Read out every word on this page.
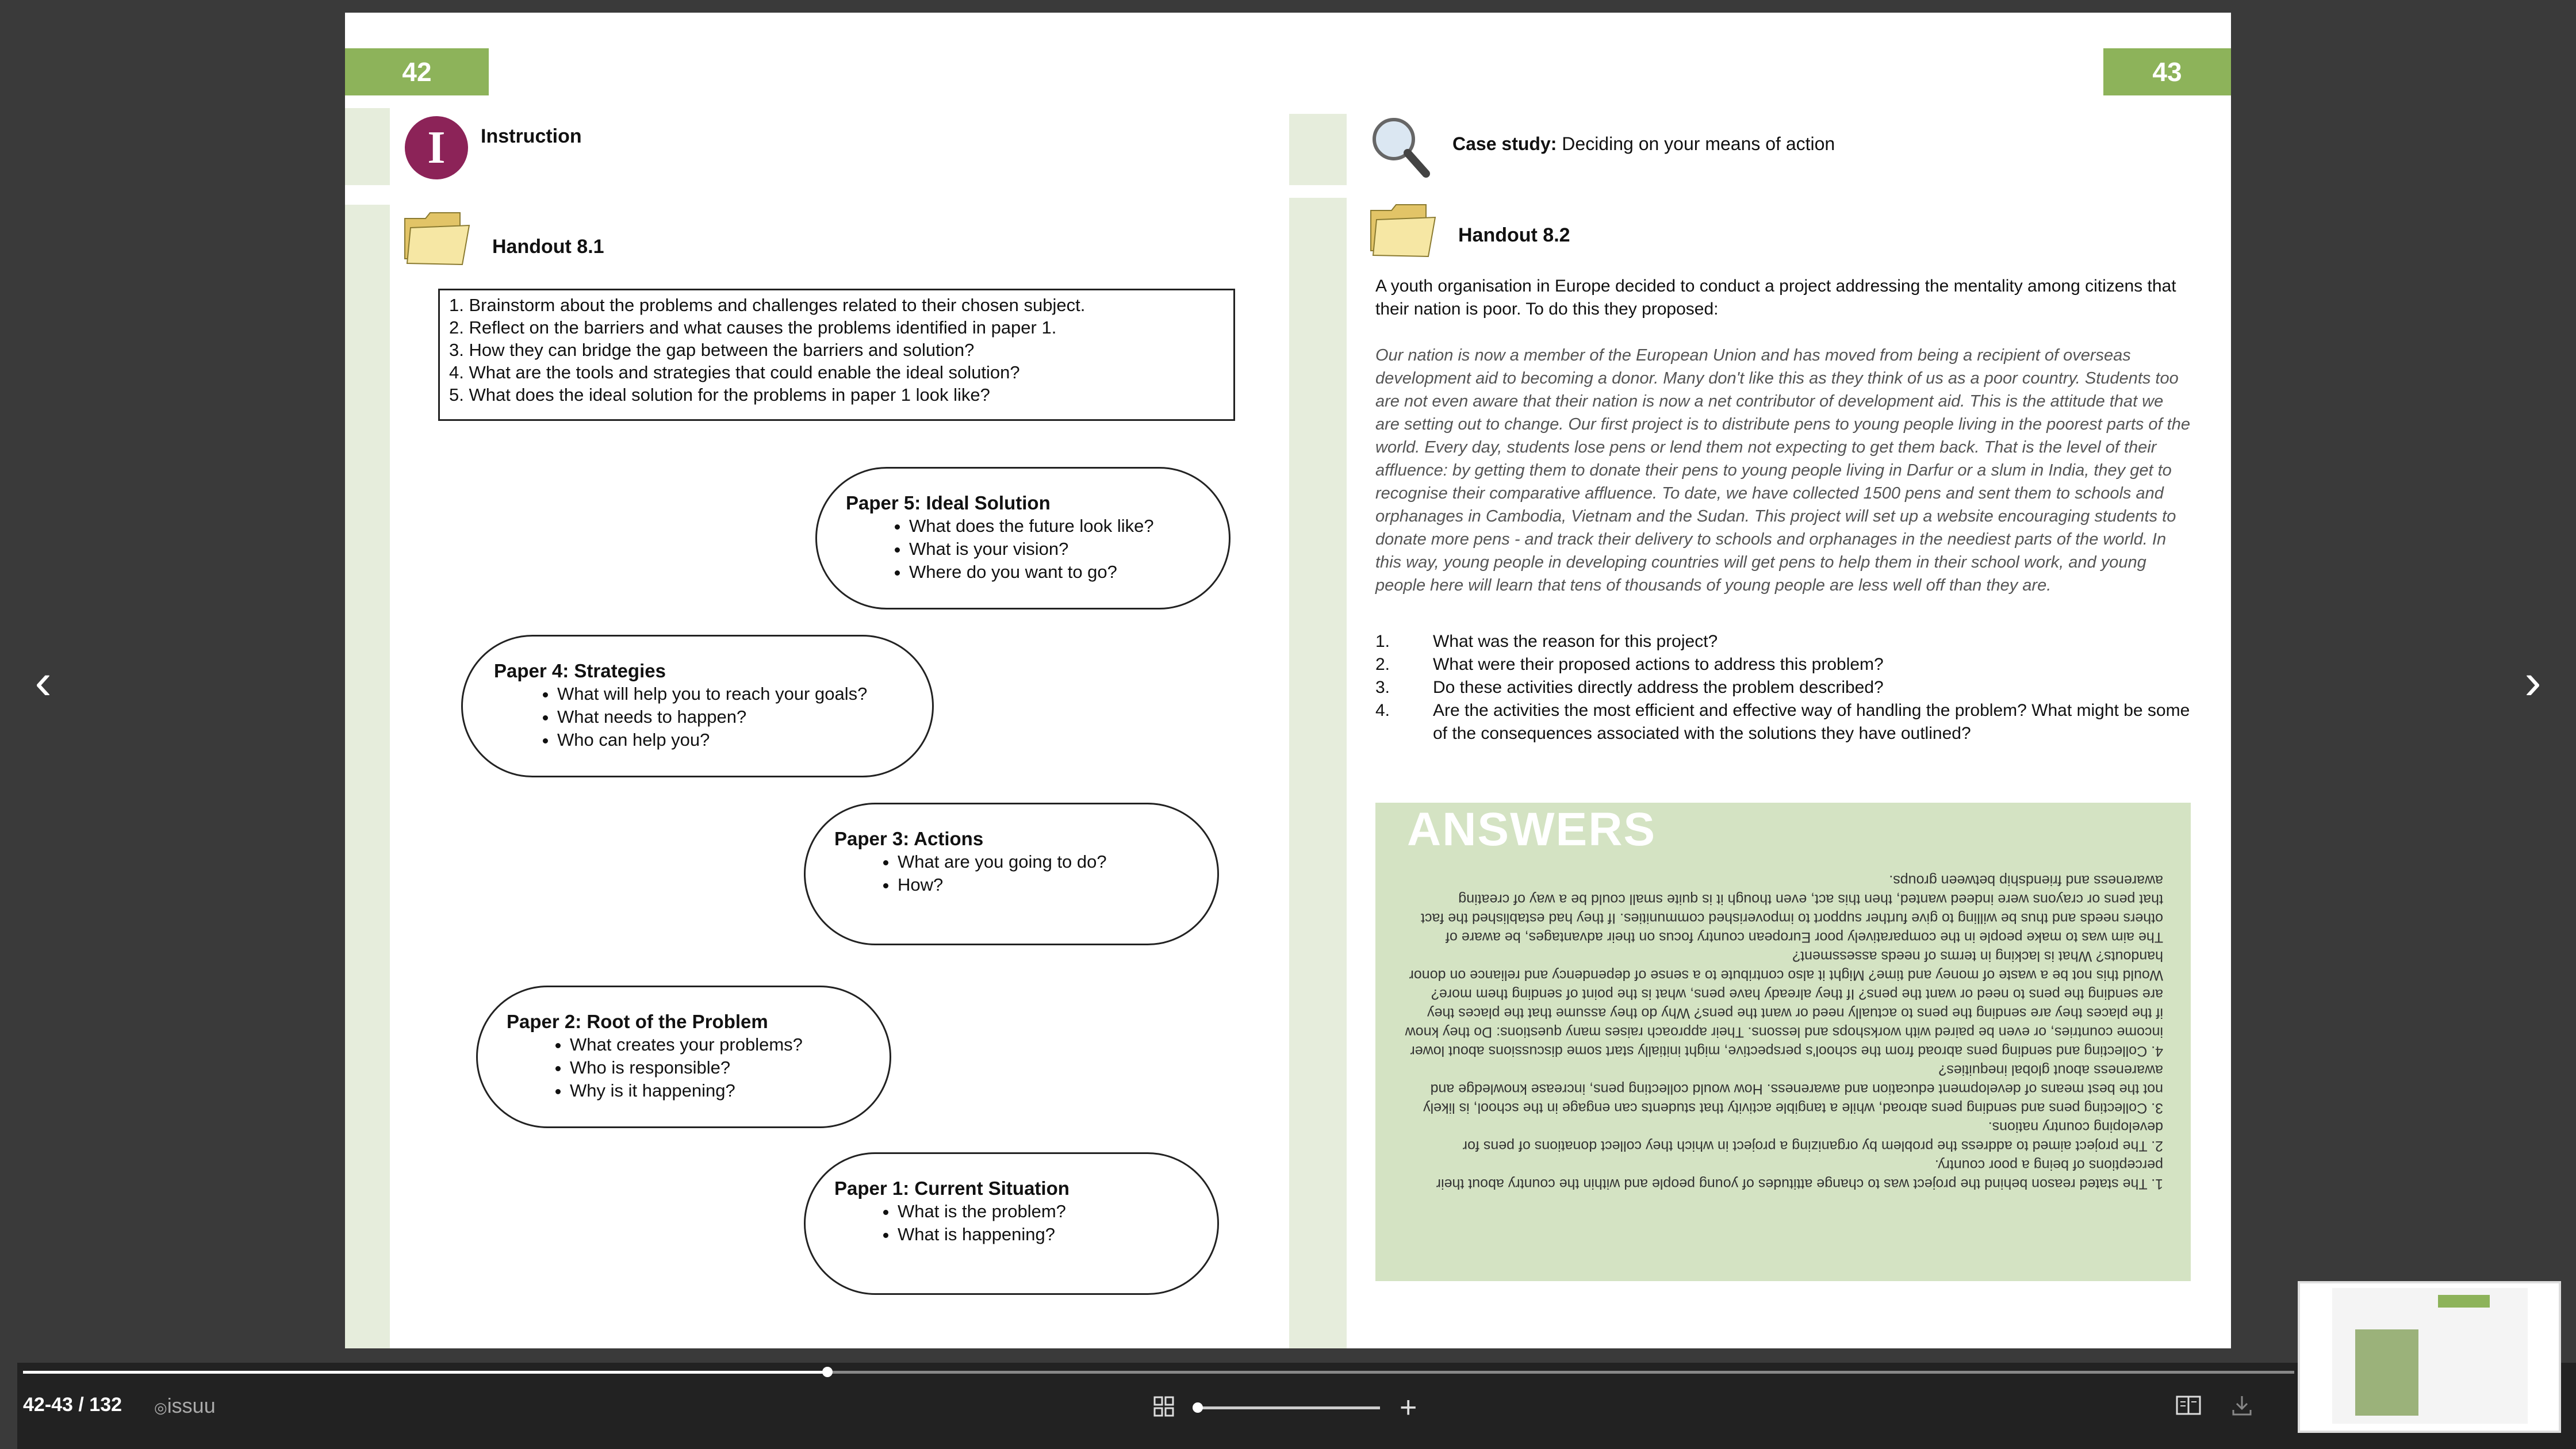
42
I	Instruction
Handout 8.1
1. Brainstorm about the problems and challenges related to their chosen subject.
2. Reflect on the barriers and what causes the problems identified in paper 1.
3. How they can bridge the gap between the barriers and solution?
4. What are the tools and strategies that could enable the ideal solution?
5. What does the ideal solution for the problems in paper 1 look like?
Paper 5: Ideal Solution
• What does the future look like?
• What is your vision?
• Where do you want to go?
Paper 4: Strategies
• What will help you to reach your goals?
• What needs to happen?
• Who can help you?
Paper 3: Actions
• What are you going to do?
• How?
Paper 2: Root of the Problem
• What creates your problems?
• Who is responsible?
• Why is it happening?
Paper 1: Current Situation
• What is the problem?
• What is happening?
43
Case study: Deciding on your means of action
Handout 8.2
A youth organisation in Europe decided to conduct a project addressing the mentality among citizens that their nation is poor. To do this they proposed:
Our nation is now a member of the European Union and has moved from being a recipient of overseas development aid to becoming a donor. Many don't like this as they think of us as a poor country. Students too are not even aware that their nation is now a net contributor of development aid. This is the attitude that we are setting out to change. Our first project is to distribute pens to young people living in the poorest parts of the world. Every day, students lose pens or lend them not expecting to get them back. That is the level of their affluence: by getting them to donate their pens to young people living in Darfur or a slum in India, they get to recognise their comparative affluence. To date, we have collected 1500 pens and sent them to schools and orphanages in Cambodia, Vietnam and the Sudan. This project will set up a website encouraging students to donate more pens - and track their delivery to schools and orphanages in the neediest parts of the world. In this way, young people in developing countries will get pens to help them in their school work, and young people here will learn that tens of thousands of young people are less well off than they are.
1.	What was the reason for this project?
2.	What were their proposed actions to address this problem?
3.	Do these activities directly address the problem described?
4.	Are the activities the most efficient and effective way of handling the problem? What might be some of the consequences associated with the solutions they have outlined?
ANSWERS

1. The stated reason behind the project was to change attitudes of young people and within the country about their perceptions of being a poor country.

2. The project aimed to address the problem by organizing a project in which they collect donations of pens for developing country nations.

3. Collecting pens and sending pens abroad, while a tangible activity that students can engage in the school, is likely not the best means of development education and awareness. How would collecting pens, increase knowledge and awareness about global inequities?

4. Collecting and sending pens abroad from the school's perspective, might initially start some discussions about lower income countries, or even be paired with workshops and lessons. Their approach raises many questions: Do they know if the places they are sending the pens to actually need or want the pens? Why do they assume that the places they are sending the pens to need or want the pens? If they already have pens, what is the point of sending them more? Would this not be a waste of money and time? Might it also contribute to a sense of dependency and reliance on donor handouts? What is lacking in terms of needs assessment?

The aim was to make people in the comparatively poor European country focus on their advantages, be aware of others needs and thus be willing to give further support to impoverished communities. If they had established the fact that pens or crayons were indeed wanted, then this act, even though it is quite small could be a way of creating awareness and friendship between groups.

‹	›
42-43 / 132 ◎issuu	+
